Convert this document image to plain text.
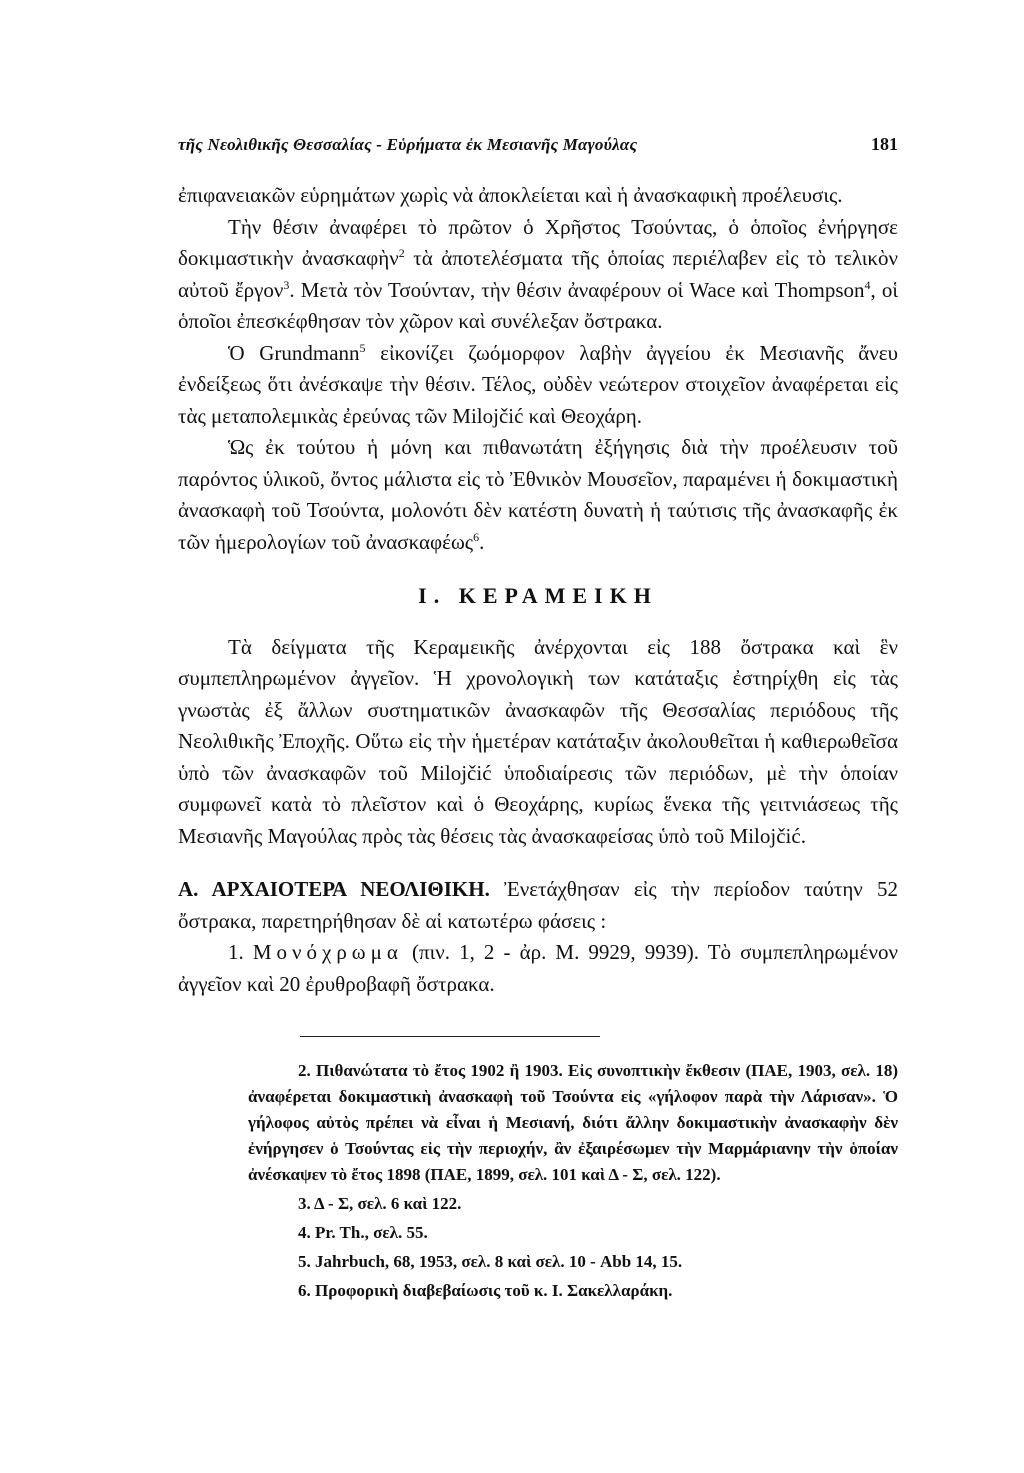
τῆς Νεολιθικῆς Θεσσαλίας - Εὑρήματα ἐκ Μεσιανῆς Μαγούλας	181

ἐπιφανειακῶν εὑρημάτων χωρὶς νὰ ἀποκλείεται καὶ ἡ ἀνασκαφικὴ προέλευσις.

Τὴν θέσιν ἀναφέρει τὸ πρῶτον ὁ Χρῆστος Τσούντας, ὁ ὁποῖος ἐνήργησε δοκιμαστικὴν ἀνασκαφὴν$^2$ τὰ ἀποτελέσματα τῆς ὁποίας περιέλαβεν εἰς τὸ τελικὸν αὐτοῦ ἔργον$^3$. Μετὰ τὸν Τσούνταν, τὴν θέσιν ἀναφέρουν οἱ Wace καὶ Thompson$^4$, οἱ ὁποῖοι ἐπεσκέφθησαν τὸν χῶρον καὶ συνέλεξαν ὄστρακα.

Ὁ Grundmann$^5$ εἰκονίζει ζωόμορφον λαβὴν ἀγγείου ἐκ Μεσιανῆς ἄνευ ἐνδείξεως ὅτι ἀνέσκαψε τὴν θέσιν. Τέλος, οὐδὲν νεώτερον στοιχεῖον ἀναφέρεται εἰς τὰς μεταπολεμικὰς ἐρεύνας τῶν Milojčić καὶ Θεοχάρη.

Ὡς ἐκ τούτου ἡ μόνη και πιθανωτάτη ἐξήγησις διὰ τὴν προέλευσιν τοῦ παρόντος ὑλικοῦ, ὄντος μάλιστα εἰς τὸ Ἐθνικὸν Μουσεῖον, παραμένει ἡ δοκιμαστικὴ ἀνασκαφὴ τοῦ Τσούντα, μολονότι δὲν κατέστη δυνατὴ ἡ ταύτισις τῆς ἀνασκαφῆς ἐκ τῶν ἡμερολογίων τοῦ ἀνασκαφέως$^6$.

Ι. ΚΕΡΑΜΕΙΚΗ

Τὰ δείγματα τῆς Κεραμεικῆς ἀνέρχονται εἰς 188 ὄστρακα καὶ ἓν συμπεπληρωμένον ἀγγεῖον. Ἡ χρονολογικὴ των κατάταξις ἐστηρίχθη εἰς τὰς γνωστὰς ἐξ ἄλλων συστηματικῶν ἀνασκαφῶν τῆς Θεσσαλίας περιόδους τῆς Νεολιθικῆς Ἐποχῆς. Οὕτω εἰς τὴν ἡμετέραν κατάταξιν ἀκολουθεῖται ἡ καθιερωθεῖσα ὑπὸ τῶν ἀνασκαφῶν τοῦ Milojčić ὑποδιαίρεσις τῶν περιόδων, μὲ τὴν ὁποίαν συμφωνεῖ κατὰ τὸ πλεῖστον καὶ ὁ Θεοχάρης, κυρίως ἕνεκα τῆς γειτνιάσεως τῆς Μεσιανῆς Μαγούλας πρὸς τὰς θέσεις τὰς ἀνασκαφείσας ὑπὸ τοῦ Milojčić.

Α. ΑΡΧΑΙΟΤΕΡΑ ΝΕΟΛΙΘΙΚΗ. Ἐνετάχθησαν εἰς τὴν περίοδον ταύτην 52 ὄστρακα, παρετηρήθησαν δὲ αἱ κατωτέρω φάσεις :

1. Μονόχρωμα (πιν. 1, 2 - ἀρ. Μ. 9929, 9939). Τὸ συμπεπληρωμένον ἀγγεῖον καὶ 20 ἐρυθροβαφῆ ὄστρακα.

2. Πιθανώτατα τὸ ἔτος 1902 ἢ 1903. Εἰς συνοπτικὴν ἔκθεσιν (ΠΑΕ, 1903, σελ. 18) ἀναφέρεται δοκιμαστικὴ ἀνασκαφὴ τοῦ Τσούντα εἰς «γήλοφον παρὰ τὴν Λάρισαν». Ὁ γήλοφος αὐτὸς πρέπει νὰ εἶναι ἡ Μεσιανή, διότι ἄλλην δοκιμαστικὴν ἀνασκαφὴν δὲν ἐνήργησεν ὁ Τσούντας εἰς τὴν περιοχήν, ἂν ἐξαιρέσωμεν τὴν Μαρμάριανην τὴν ὁποίαν ἀνέσκαψεν τὸ ἔτος 1898 (ΠΑΕ, 1899, σελ. 101 καὶ Δ - Σ, σελ. 122).

3. Δ - Σ, σελ. 6 καὶ 122.

4. Pr. Th., σελ. 55.

5. Jahrbuch, 68, 1953, σελ. 8 καὶ σελ. 10 - Abb 14, 15.

6. Προφορικὴ διαβεβαίωσις τοῦ κ. Ι. Σακελλαράκη.
